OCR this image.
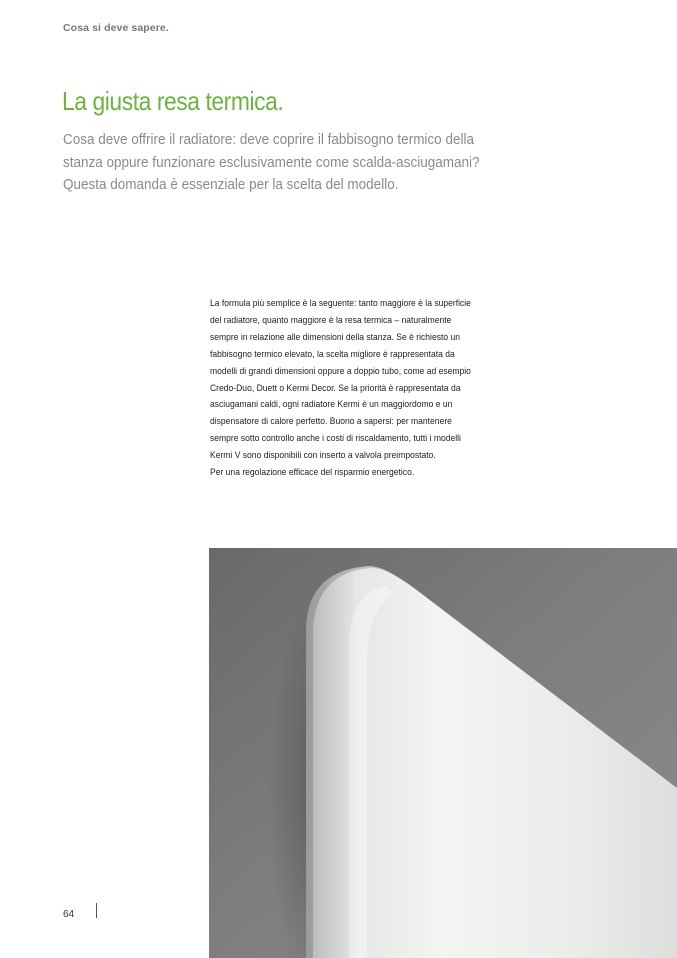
Cosa si deve sapere.
La giusta resa termica.
Cosa deve offrire il radiatore: deve coprire il fabbisogno termico della
stanza oppure funzionare esclusivamente come scalda-asciugamani?
Questa domanda è essenziale per la scelta del modello.
La formula più semplice è la seguente: tanto maggiore è la superficie
del radiatore, quanto maggiore è la resa termica – naturalmente
sempre in relazione alle dimensioni della stanza. Se è richiesto un
fabbisogno termico elevato, la scelta migliore è rappresentata da
modelli di grandi dimensioni oppure a doppio tubo, come ad esempio
Credo-Duo, Duett o Kermi Decor. Se la priorità è rappresentata da
asciugamani caldi, ogni radiatore Kermi è un maggiordomo e un
dispensatore di calore perfetto. Buono a sapersi: per mantenere
sempre sotto controllo anche i costi di riscaldamento, tutti i modelli
Kermi V sono disponibili con inserto a valvola preimpostato.
Per una regolazione efficace del risparmio energetico.
64
